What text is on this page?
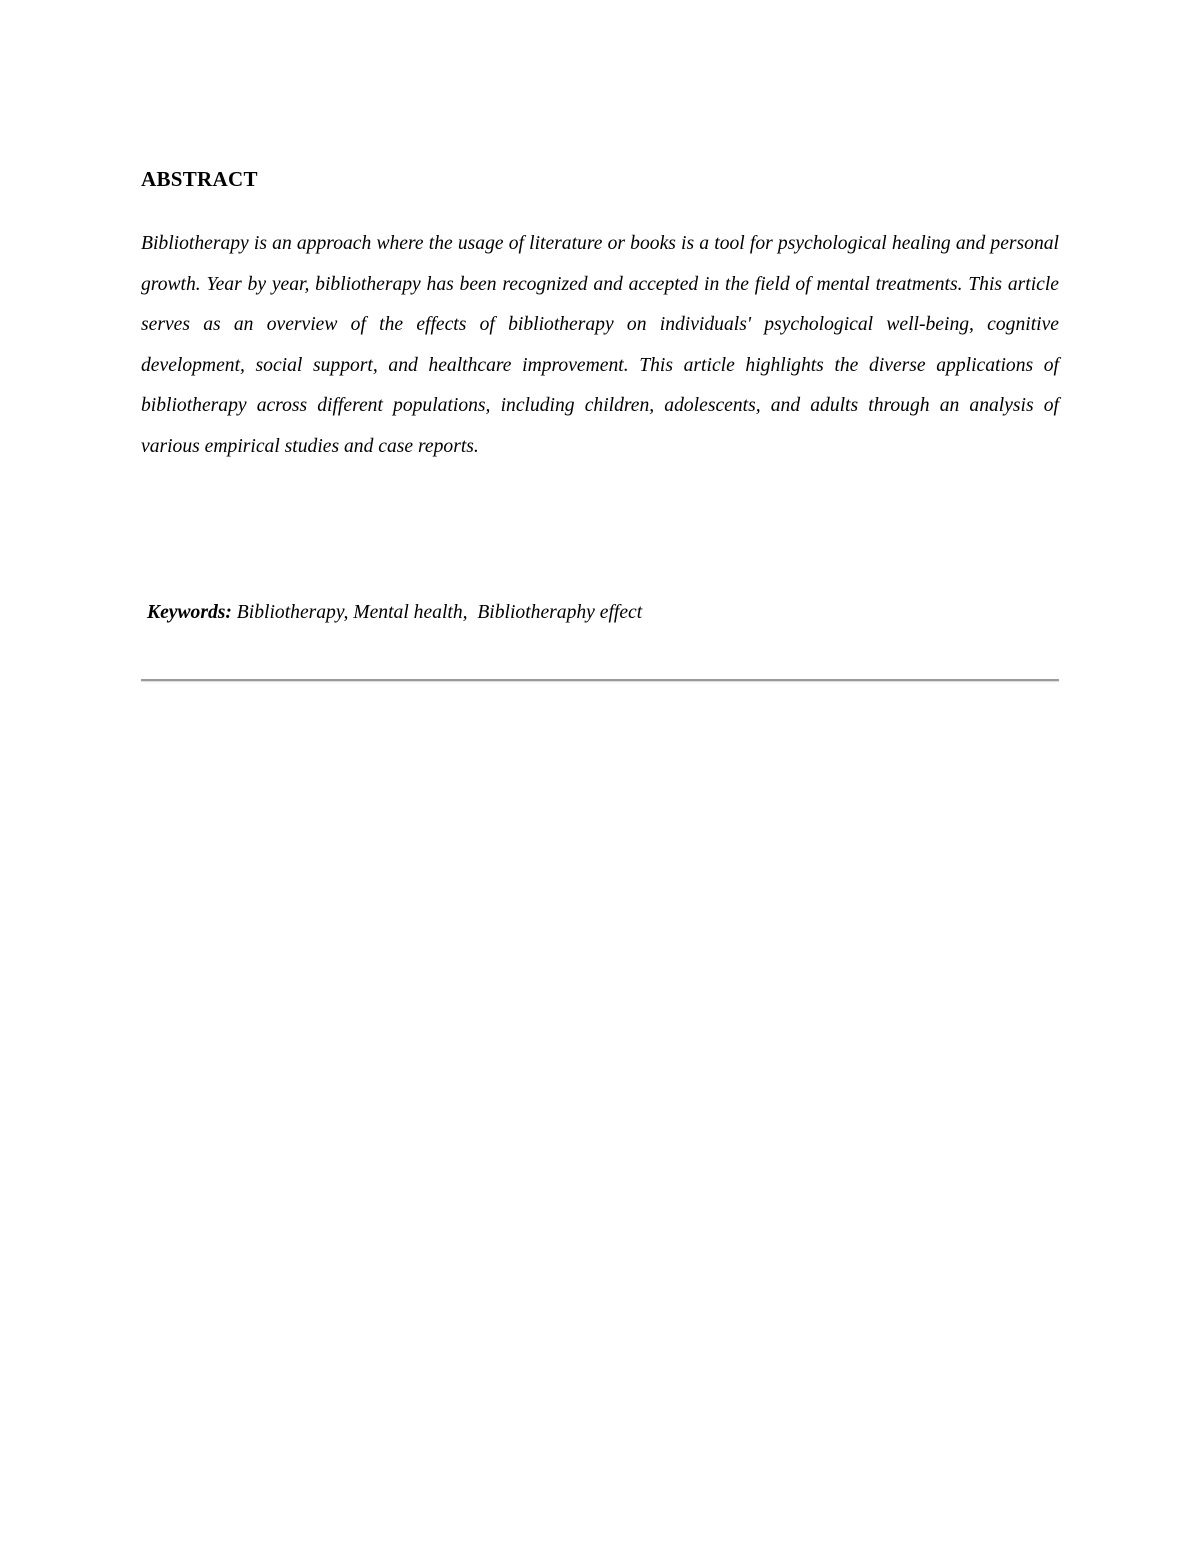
ABSTRACT

Bibliotherapy is an approach where the usage of literature or books is a tool for psychological healing and personal growth. Year by year, bibliotherapy has been recognized and accepted in the field of mental treatments. This article serves as an overview of the effects of bibliotherapy on individuals' psychological well-being, cognitive development, social support, and healthcare improvement. This article highlights the diverse applications of bibliotherapy across different populations, including children, adolescents, and adults through an analysis of various empirical studies and case reports.

Keywords: Bibliotherapy, Mental health,  Bibliotheraphy effect
